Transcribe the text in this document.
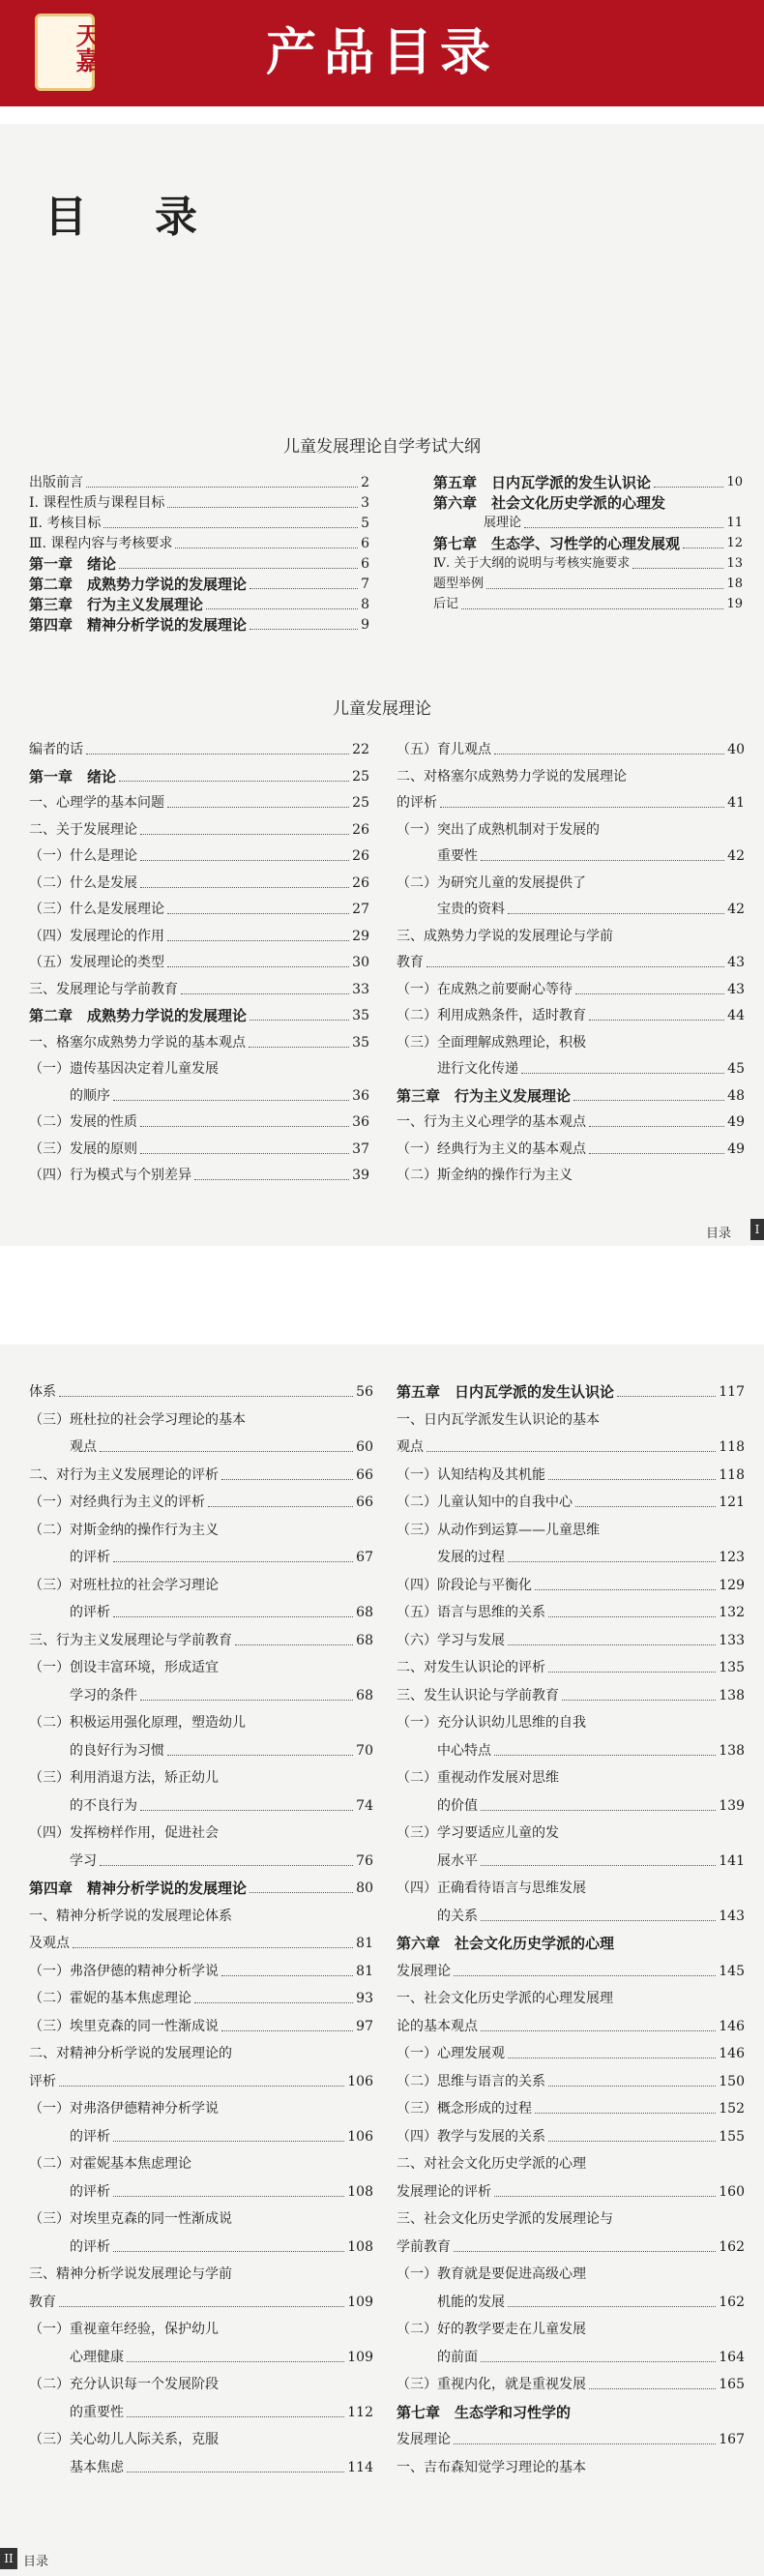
天嘉	产品目录
目录
儿童发展理论自学考试大纲
出版前言	2
Ⅰ. 课程性质与课程目标	3
Ⅱ. 考核目标	5
Ⅲ. 课程内容与考核要求	6
第一章　绪论	6
第二章　成熟势力学说的发展理论	7
第三章　行为主义发展理论	8
第四章　精神分析学说的发展理论	9
第五章　日内瓦学派的发生认识论	10
第六章　社会文化历史学派的心理发
　　　　展理论	11
第七章　生态学、习性学的心理发展观	12
Ⅳ. 关于大纲的说明与考核实施要求	13
题型举例	18
后记	19
儿童发展理论
编者的话	22
第一章　绪论	25
一、心理学的基本问题	25
二、关于发展理论	26
（一）什么是理论	26
（二）什么是发展	26
（三）什么是发展理论	27
（四）发展理论的作用	29
（五）发展理论的类型	30
三、发展理论与学前教育	33
第二章　成熟势力学说的发展理论	35
一、格塞尔成熟势力学说的基本观点	35
（一）遗传基因决定着儿童发展
　　　的顺序	36
（二）发展的性质	36
（三）发展的原则	37
（四）行为模式与个别差异	39
（五）育儿观点	40
二、对格塞尔成熟势力学说的发展理论
的评析	41
（一）突出了成熟机制对于发展的
　　　重要性	42
（二）为研究儿童的发展提供了
　　　宝贵的资料	42
三、成熟势力学说的发展理论与学前
教育	43
（一）在成熟之前要耐心等待	43
（二）利用成熟条件，适时教育	44
（三）全面理解成熟理论，积极
　　　进行文化传递	45
第三章　行为主义发展理论	48
一、行为主义心理学的基本观点	49
（一）经典行为主义的基本观点	49
（二）斯金纳的操作行为主义
目录	I
体系	56
（三）班杜拉的社会学习理论的基本
　　　观点	60
二、对行为主义发展理论的评析	66
（一）对经典行为主义的评析	66
（二）对斯金纳的操作行为主义
　　　的评析	67
（三）对班杜拉的社会学习理论
　　　的评析	68
三、行为主义发展理论与学前教育	68
（一）创设丰富环境，形成适宜
　　　学习的条件	68
（二）积极运用强化原理，塑造幼儿
　　　的良好行为习惯	70
（三）利用消退方法，矫正幼儿
　　　的不良行为	74
（四）发挥榜样作用，促进社会
　　　学习	76
第四章　精神分析学说的发展理论	80
一、精神分析学说的发展理论体系
及观点	81
（一）弗洛伊德的精神分析学说	81
（二）霍妮的基本焦虑理论	93
（三）埃里克森的同一性渐成说	97
二、对精神分析学说的发展理论的
评析	106
（一）对弗洛伊德精神分析学说
　　　的评析	106
（二）对霍妮基本焦虑理论
　　　的评析	108
（三）对埃里克森的同一性渐成说
　　　的评析	108
三、精神分析学说发展理论与学前
教育	109
（一）重视童年经验，保护幼儿
　　　心理健康	109
（二）充分认识每一个发展阶段
　　　的重要性	112
（三）关心幼儿人际关系，克服
　　　基本焦虑	114
第五章　日内瓦学派的发生认识论	117
一、日内瓦学派发生认识论的基本
观点	118
（一）认知结构及其机能	118
（二）儿童认知中的自我中心	121
（三）从动作到运算——儿童思维
　　　发展的过程	123
（四）阶段论与平衡化	129
（五）语言与思维的关系	132
（六）学习与发展	133
二、对发生认识论的评析	135
三、发生认识论与学前教育	138
（一）充分认识幼儿思维的自我
　　　中心特点	138
（二）重视动作发展对思维
　　　的价值	139
（三）学习要适应儿童的发
　　　展水平	141
（四）正确看待语言与思维发展
　　　的关系	143
第六章　社会文化历史学派的心理
发展理论	145
一、社会文化历史学派的心理发展理
论的基本观点	146
（一）心理发展观	146
（二）思维与语言的关系	150
（三）概念形成的过程	152
（四）教学与发展的关系	155
二、对社会文化历史学派的心理
发展理论的评析	160
三、社会文化历史学派的发展理论与
学前教育	162
（一）教育就是要促进高级心理
　　　机能的发展	162
（二）好的教学要走在儿童发展
　　　的前面	164
（三）重视内化，就是重视发展	165
第七章　生态学和习性学的
发展理论	167
一、吉布森知觉学习理论的基本
II 目录
